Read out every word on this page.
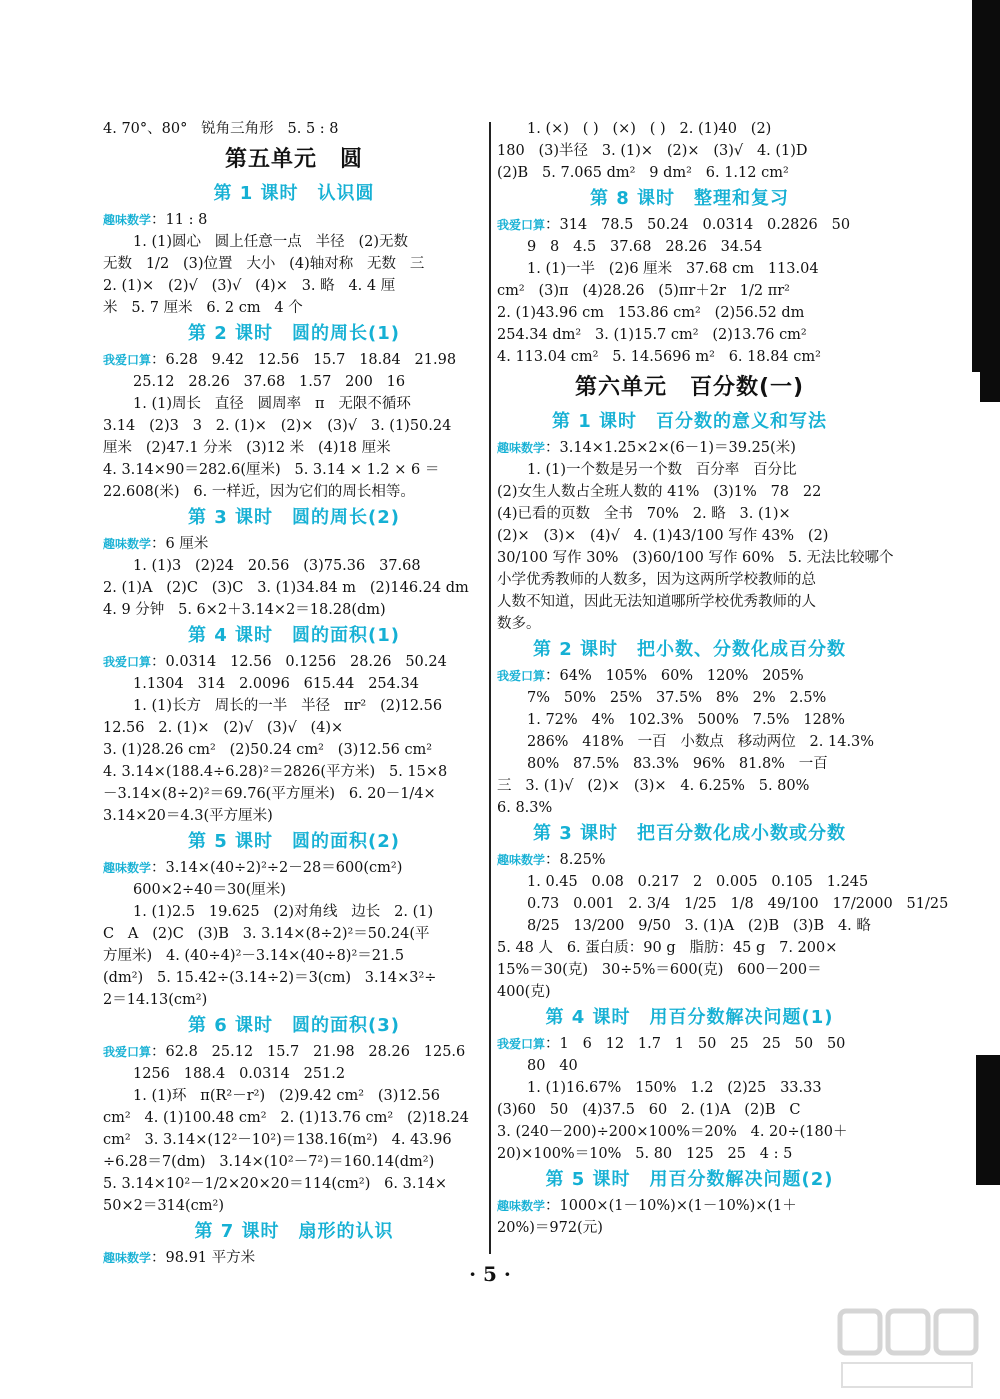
4. 70°、80°   锐角三角形   5. 5 : 8
第五单元　圆
第 1 课时　认识圆
趣味数学：11 : 8
1. (1)圆心   圆上任意一点   半径   (2)无数
无数   1/2   (3)位置   大小   (4)轴对称   无数   三
2. (1)×   (2)√   (3)√   (4)×   3. 略   4. 4 厘
米   5. 7 厘米   6. 2 cm   4 个
第 2 课时　圆的周长(1)
我爱口算：6.28   9.42   12.56   15.7   18.84   21.98
25.12   28.26   37.68   1.57   200   16
1. (1)周长   直径   圆周率   π   无限不循环
3.14   (2)3   3   2. (1)×   (2)×   (3)√   3. (1)50.24
厘米   (2)47.1 分米   (3)12 米   (4)18 厘米
4. 3.14×90＝282.6(厘米)   5. 3.14 × 1.2 × 6 ＝
22.608(米)   6. 一样近，因为它们的周长相等。
第 3 课时　圆的周长(2)
趣味数学：6 厘米
1. (1)3   (2)24   20.56   (3)75.36   37.68
2. (1)A   (2)C   (3)C   3. (1)34.84 m   (2)146.24 dm
4. 9 分钟   5. 6×2＋3.14×2＝18.28(dm)
第 4 课时　圆的面积(1)
我爱口算：0.0314   12.56   0.1256   28.26   50.24
1.1304   314   2.0096   615.44   254.34
1. (1)长方   周长的一半   半径   πr²   (2)12.56
12.56   2. (1)×   (2)√   (3)√   (4)×
3. (1)28.26 cm²   (2)50.24 cm²   (3)12.56 cm²
4. 3.14×(188.4÷6.28)²＝2826(平方米)   5. 15×8
－3.14×(8÷2)²＝69.76(平方厘米)   6. 20－1/4×
3.14×20＝4.3(平方厘米)
第 5 课时　圆的面积(2)
趣味数学：3.14×(40÷2)²÷2－28＝600(cm²)
600×2÷40＝30(厘米)
1. (1)2.5   19.625   (2)对角线   边长   2. (1)
C   A   (2)C   (3)B   3. 3.14×(8÷2)²＝50.24(平
方厘米)   4. (40÷4)²－3.14×(40÷8)²＝21.5
(dm²)   5. 15.42÷(3.14÷2)＝3(cm)   3.14×3²÷
2＝14.13(cm²)
第 6 课时　圆的面积(3)
我爱口算：62.8   25.12   15.7   21.98   28.26   125.6
1256   188.4   0.0314   251.2
1. (1)环   π(R²－r²)   (2)9.42 cm²   (3)12.56
cm²   4. (1)100.48 cm²   2. (1)13.76 cm²   (2)18.24
cm²   3. 3.14×(12²－10²)＝138.16(m²)   4. 43.96
÷6.28＝7(dm)   3.14×(10²－7²)＝160.14(dm²)
5. 3.14×10²－1/2×20×20＝114(cm²)   6. 3.14×
50×2＝314(cm²)
第 7 课时　扇形的认识
趣味数学：98.91 平方米
1. (×)   ( )   (×)   ( )   2. (1)40   (2)
180   (3)半径   3. (1)×   (2)×   (3)√   4. (1)D
(2)B   5. 7.065 dm²   9 dm²   6. 1.12 cm²
第 8 课时　整理和复习
我爱口算：314   78.5   50.24   0.0314   0.2826   50
9   8   4.5   37.68   28.26   34.54
1. (1)一半   (2)6 厘米   37.68 cm   113.04
cm²   (3)π   (4)28.26   (5)πr＋2r   1/2 πr²
2. (1)43.96 cm   153.86 cm²   (2)56.52 dm
254.34 dm²   3. (1)15.7 cm²   (2)13.76 cm²
4. 113.04 cm²   5. 14.5696 m²   6. 18.84 cm²
第六单元　百分数(一)
第 1 课时　百分数的意义和写法
趣味数学：3.14×1.25×2×(6－1)＝39.25(米)
1. (1)一个数是另一个数   百分率   百分比
(2)女生人数占全班人数的 41%   (3)1%   78   22
(4)已看的页数   全书   70%   2. 略   3. (1)×
(2)×   (3)×   (4)√   4. (1)43/100 写作 43%   (2)
30/100 写作 30%   (3)60/100 写作 60%   5. 无法比较哪个
小学优秀教师的人数多，因为这两所学校教师的总
人数不知道，因此无法知道哪所学校优秀教师的人
数多。
第 2 课时　把小数、分数化成百分数
我爱口算：64%   105%   60%   120%   205%
7%   50%   25%   37.5%   8%   2%   2.5%
1. 72%   4%   102.3%   500%   7.5%   128%
286%   418%   一百   小数点   移动两位   2. 14.3%
80%   87.5%   83.3%   96%   81.8%   一百
三   3. (1)√   (2)×   (3)×   4. 6.25%   5. 80%
6. 8.3%
第 3 课时　把百分数化成小数或分数
趣味数学：8.25%
1. 0.45   0.08   0.217   2   0.005   0.105   1.245
0.73   0.001   2. 3/4   1/25   1/8   49/100   17/2000   51/25
8/25   13/200   9/50   3. (1)A   (2)B   (3)B   4. 略
5. 48 人   6. 蛋白质：90 g   脂肪：45 g   7. 200×
15%＝30(克)   30÷5%＝600(克)   600－200＝
400(克)
第 4 课时　用百分数解决问题(1)
我爱口算：1   6   12   1.7   1   50   25   25   50   50
80   40
1. (1)16.67%   150%   1.2   (2)25   33.33
(3)60   50   (4)37.5   60   2. (1)A   (2)B   C
3. (240－200)÷200×100%＝20%   4. 20÷(180＋
20)×100%＝10%   5. 80   125   25   4 : 5
第 5 课时　用百分数解决问题(2)
趣味数学：1000×(1－10%)×(1－10%)×(1＋
20%)＝972(元)
· 5 ·
